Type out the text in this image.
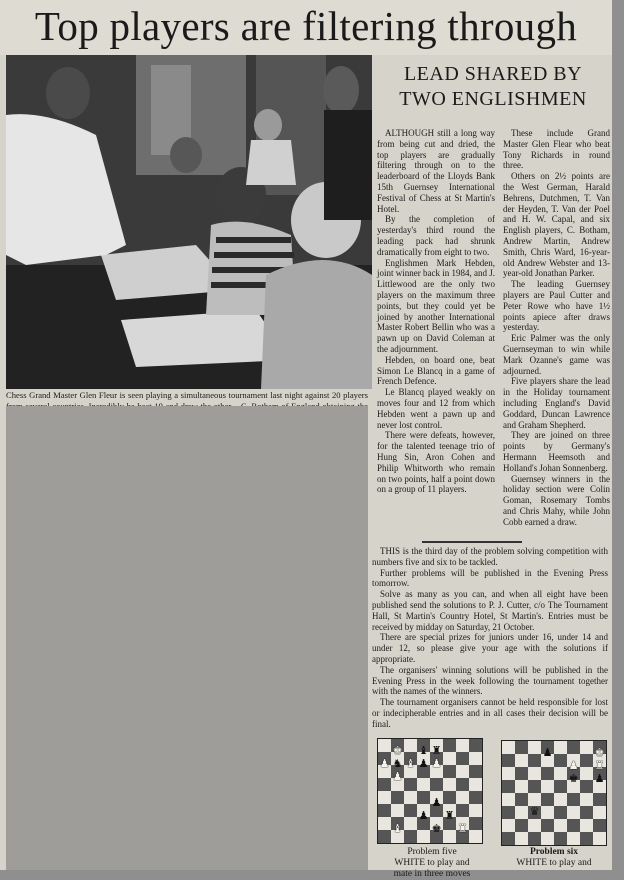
Top players are filtering through
Chess Grand Master Glen Fleur is seen playing a simultaneous tournament last night against 20 players
LEAD SHARED BY
TWO ENGLISHMEN

ALTHOUGH still a long way from being cut and dried, the top players are gradually filtering through on to the leaderboard of the Lloyds Bank 15th Guernsey International Festival of Chess at St Martin's Hotel.

By the completion of yesterday's third round the leading pack had shrunk dramatically from eight to two.

Englishmen Mark Hebden, joint winner back in 1984, and J. Littlewood are the only two players on the maximum three points, but they could yet be joined by another International Master Robert Bellin who was a pawn up on David Coleman at the adjournment.

Hebden, on board one, beat Simon Le Blancq in a game of French Defence.

Le Blancq played weakly on moves four and 12 from which Hebden went a pawn up and never lost control.

There were defeats, however, for the talented teenage trio of Hung Sin, Aron Cohen and Philip Whitworth who remain on two points, half a point down on a group of 11 players.

These include Grand Master Glen Flear who beat Tony Richards in round three.

Others on 2½ points are the West German, Harald Behrens, Dutchmen, T. Van der Heyden, T. Van der Poel and H. W. Capal, and six English players, C. Botham, Andrew Martin, Andrew Smith, Chris Ward, 16-year-old Andrew Webster and 13-year-old Jonathan Parker.

The leading Guernsey players are Paul Cutter and Peter Rowe who have 1½ points apiece after draws yesterday.

Eric Palmer was the only Guernseyman to win while Mark Ozanne's game was adjourned.

Five players share the lead in the Holiday tournament including England's David Goddard, Duncan Lawrence and Graham Shepherd.

They are joined on three points by Germany's Hermann Heemsoth and Holland's Johan Sonnenberg.

Guernsey winners in the holiday section were Colin Goman, Rosemary Tombs and Chris Mahy, while John Cobb earned a draw.

THIS is the third day of the problem solving competition with numbers five and six to be tackled.

Further problems will be published in the Evening Press tomorrow.

Solve as many as you can, and when all eight have been published send the solutions to P. J. Cutter, c/o The Tournament Hall, St Martin's Country Hotel, St Martin's. Entries must be received by midday on Saturday, 21 October.

There are special prizes for juniors under 16, under 14 and under 12, so please give your age with the solutions if appropriate.

The organisers' winning solutions will be published in the Evening Press in the week following the tournament together with the names of the winners.

The tournament organisers cannot be held responsible for lost or indecipherable entries and in all cases their decision will be final.

♚ ♝ ♜
♟ ♞ ♝ ♟ ♟
♟
♟
♟ ♜
♝	♚ ♜
Problem five
WHITE to play and
mate in three moves
♟	♚
♟ ♜
♚ ♟
♛
Problem six
WHITE to play and
